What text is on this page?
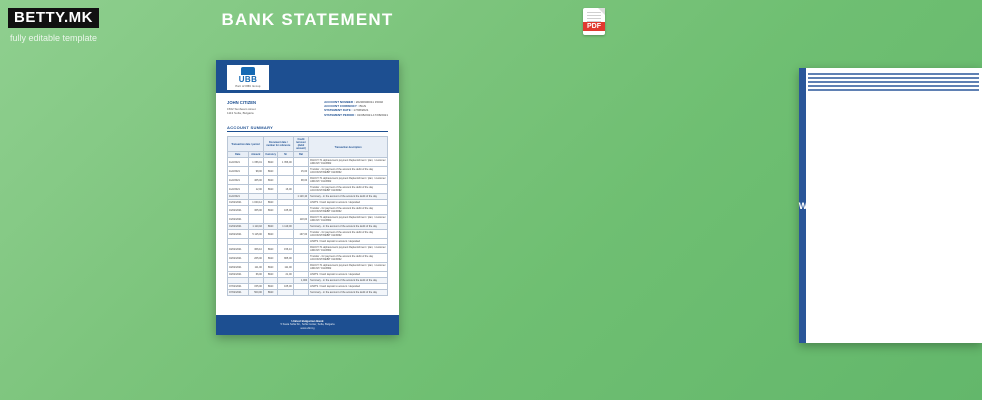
BETTY.MK
fully editable template
BANK STATEMENT	PDF
W
UBB
Part of KBC Group
JOHN CITIZEN
1562 Sunbeam street
1113 Sofia, Bulgaria
ACCOUNT NUMBER : 20230900011 15002
ACCOUNT CURRENCY : BGN
STATEMENT DATE : 17/08/2021
STATEMENT PERIOD : 01/08/2021-17/08/2021
ACCOUNT SUMMARY
Transaction date / period		Document date / number for reference		Credit turnover (debit amount)	Transaction description
Date	Amount	Currency	Nr	Bal	
11/2/2021	1 356,01	BGN	1 356,00		RACCT-T1 alphanumeric payment Replenishment / plan; / customer ADD-NT/ 011/3862
11/2/2021	98,00	BGN		15,00	Transfer - for payment of the account the debit of the day ACCOUNT/DEBIT 011/3862
11/2/2021	465,00	BGN		98,00	RACCT-T1 alphanumeric payment Replenishment / plan; / customer ADD-NT/ 011/3862
11/2/2021	12,00	BGN	16,00		Transfer - for payment of the account the debit of the day ACCOUNT/DEBIT 011/3862
11/2/2021				1 120,10	Summary - in the account of the account the debit of the day
01/02/2021	1 000,12	BGN			LIMITS / Cash deposit to account / deposited
01/02/2021	365,00	BGN	165,00		Transfer - for payment of the account the debit of the day ACCOUNT/DEBIT 011/3862
01/02/2021				118,00	RACCT-T1 alphanumeric payment Replenishment / plan; / customer ADD-NT/ 011/3862
01/02/2021	1 110,02	BGN	1 119,00		Summary - in the account of the account the debit of the day
04/02/2021	5 115,00	BGN		197,00	Transfer - for payment of the account the debit of the day ACCOUNT/DEBIT 011/3862
					LIMITS / Cash deposit to account / deposited
04/02/2021	366,10	BGN	156,10		RACCT-T1 alphanumeric payment Replenishment / plan; / customer ADD-NT/ 011/3862
04/02/2021	265,00	BGN	865,00		Transfer - for payment of the account the debit of the day ACCOUNT/DEBIT 011/3862
04/02/2021	111,00	BGN	111,00		RACCT-T1 alphanumeric payment Replenishment / plan; / customer ADD-NT/ 011/3862
04/02/2021	66,00	BGN	21,00		LIMITS / Cash deposit to account / deposited
				1,000	Summary - in the account of the account the debit of the day
07/02/2021	155,00	BGN	165,00		LIMITS / Cash deposit to account / deposited
07/02/2021	500,00	BGN			Summary - in the account of the account the debit of the day
United Bulgarian Bank
5 Sveta Sofia Str., Sofia Center, Sofia, Bulgaria
www.ubb.bg
